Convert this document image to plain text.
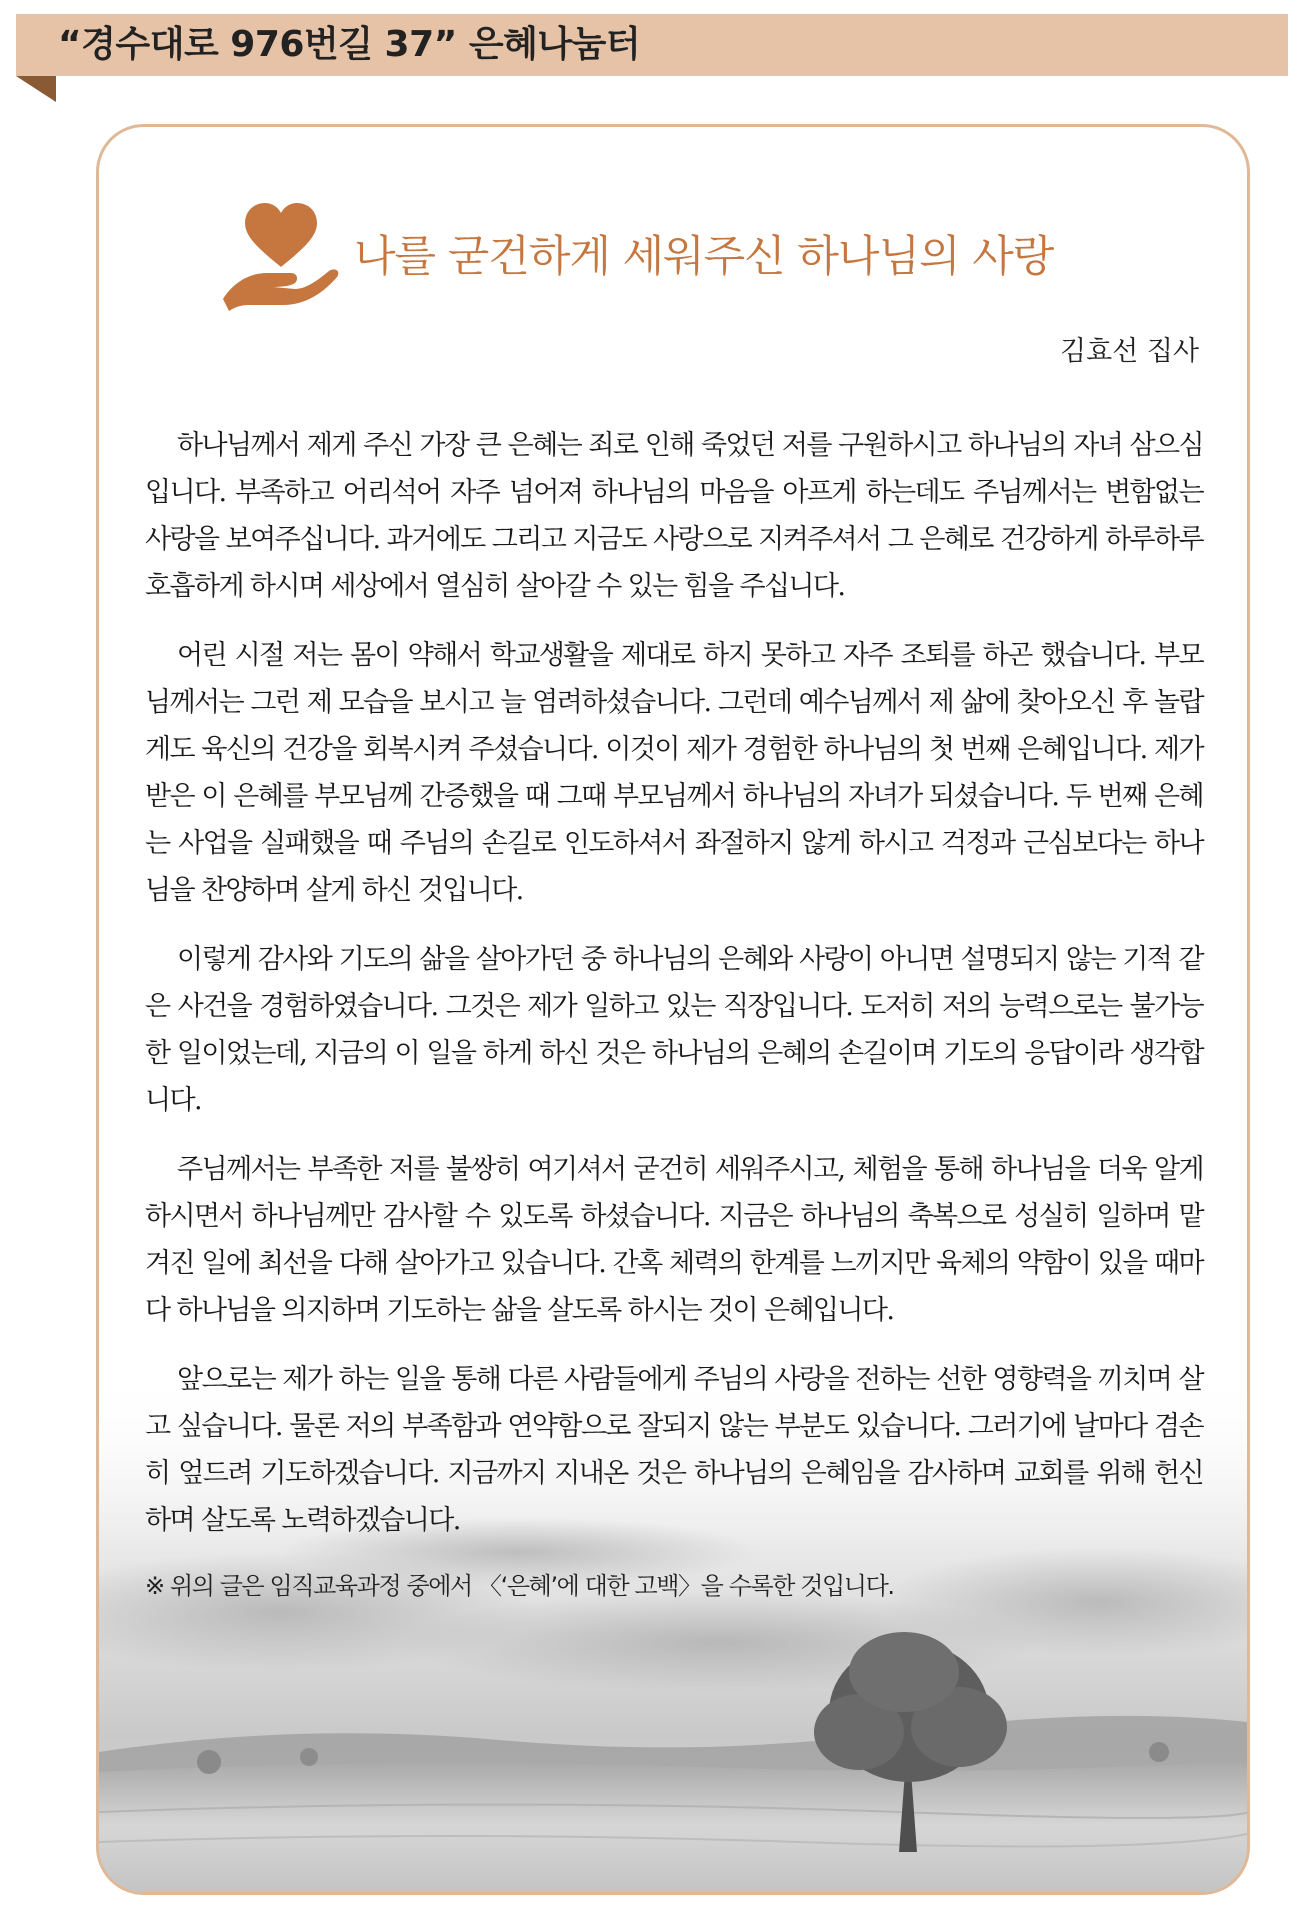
“경수대로 976번길 37” 은혜나눔터
나를 굳건하게 세워주신 하나님의 사랑
김효선 집사

하나님께서 제게 주신 가장 큰 은혜는 죄로 인해 죽었던 저를 구원하시고 하나님의 자녀 삼으심입니다. 부족하고 어리석어 자주 넘어져 하나님의 마음을 아프게 하는데도 주님께서는 변함없는 사랑을 보여주십니다. 과거에도 그리고 지금도 사랑으로 지켜주셔서 그 은혜로 건강하게 하루하루 호흡하게 하시며 세상에서 열심히 살아갈 수 있는 힘을 주십니다.

어린 시절 저는 몸이 약해서 학교생활을 제대로 하지 못하고 자주 조퇴를 하곤 했습니다. 부모님께서는 그런 제 모습을 보시고 늘 염려하셨습니다. 그런데 예수님께서 제 삶에 찾아오신 후 놀랍게도 육신의 건강을 회복시켜 주셨습니다. 이것이 제가 경험한 하나님의 첫 번째 은혜입니다. 제가 받은 이 은혜를 부모님께 간증했을 때 그때 부모님께서 하나님의 자녀가 되셨습니다. 두 번째 은혜는 사업을 실패했을 때 주님의 손길로 인도하셔서 좌절하지 않게 하시고 걱정과 근심보다는 하나님을 찬양하며 살게 하신 것입니다.

이렇게 감사와 기도의 삶을 살아가던 중 하나님의 은혜와 사랑이 아니면 설명되지 않는 기적 같은 사건을 경험하였습니다. 그것은 제가 일하고 있는 직장입니다. 도저히 저의 능력으로는 불가능한 일이었는데, 지금의 이 일을 하게 하신 것은 하나님의 은혜의 손길이며 기도의 응답이라 생각합니다.

주님께서는 부족한 저를 불쌍히 여기셔서 굳건히 세워주시고, 체험을 통해 하나님을 더욱 알게 하시면서 하나님께만 감사할 수 있도록 하셨습니다. 지금은 하나님의 축복으로 성실히 일하며 맡겨진 일에 최선을 다해 살아가고 있습니다. 간혹 체력의 한계를 느끼지만 육체의 약함이 있을 때마다 하나님을 의지하며 기도하는 삶을 살도록 하시는 것이 은혜입니다.

앞으로는 제가 하는 일을 통해 다른 사람들에게 주님의 사랑을 전하는 선한 영향력을 끼치며 살고 싶습니다. 물론 저의 부족함과 연약함으로 잘되지 않는 부분도 있습니다. 그러기에 날마다 겸손히 엎드려 기도하겠습니다. 지금까지 지내온 것은 하나님의 은혜임을 감사하며 교회를 위해 헌신하며 살도록 노력하겠습니다.

※ 위의 글은 임직교육과정 중에서 〈‘은혜’에 대한 고백〉을 수록한 것입니다.
